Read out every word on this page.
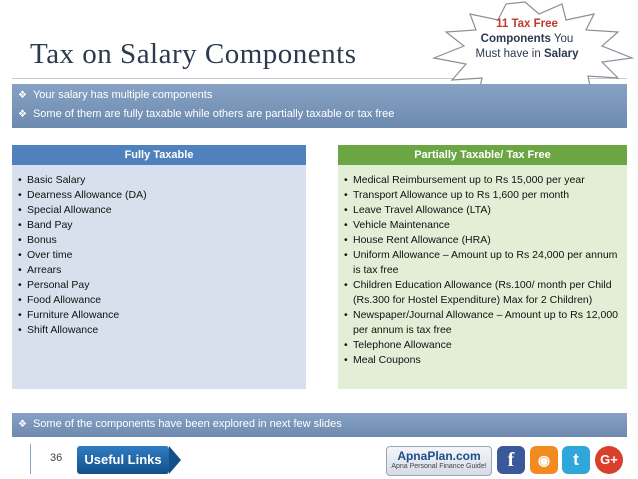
Tax on Salary Components
11 Tax Free
Components You
Must have in Salary
❖ Your salary has multiple components
❖ Some of them are fully taxable while others are partially taxable or tax free
Fully Taxable
• Basic Salary
• Dearness Allowance (DA)
• Special Allowance
• Band Pay
• Bonus
• Over time
• Arrears
• Personal Pay
• Food Allowance
• Furniture Allowance
• Shift Allowance
Partially Taxable/ Tax Free
• Medical Reimbursement up to Rs 15,000 per year
• Transport Allowance up to Rs 1,600 per month
• Leave Travel Allowance (LTA)
• Vehicle Maintenance
• House Rent Allowance (HRA)
• Uniform Allowance – Amount up to Rs 24,000 per annum is tax free
• Children Education Allowance (Rs.100/ month per Child (Rs.300 for Hostel Expenditure) Max for 2 Children)
• Newspaper/Journal Allowance – Amount up to Rs 12,000 per annum is tax free
• Telephone Allowance
• Meal Coupons
❖ Some of the components have been explored in next few slides
36	Useful Links	ApnaPlan.com
Apna Personal Finance Guide!	f	◉	t	G+
